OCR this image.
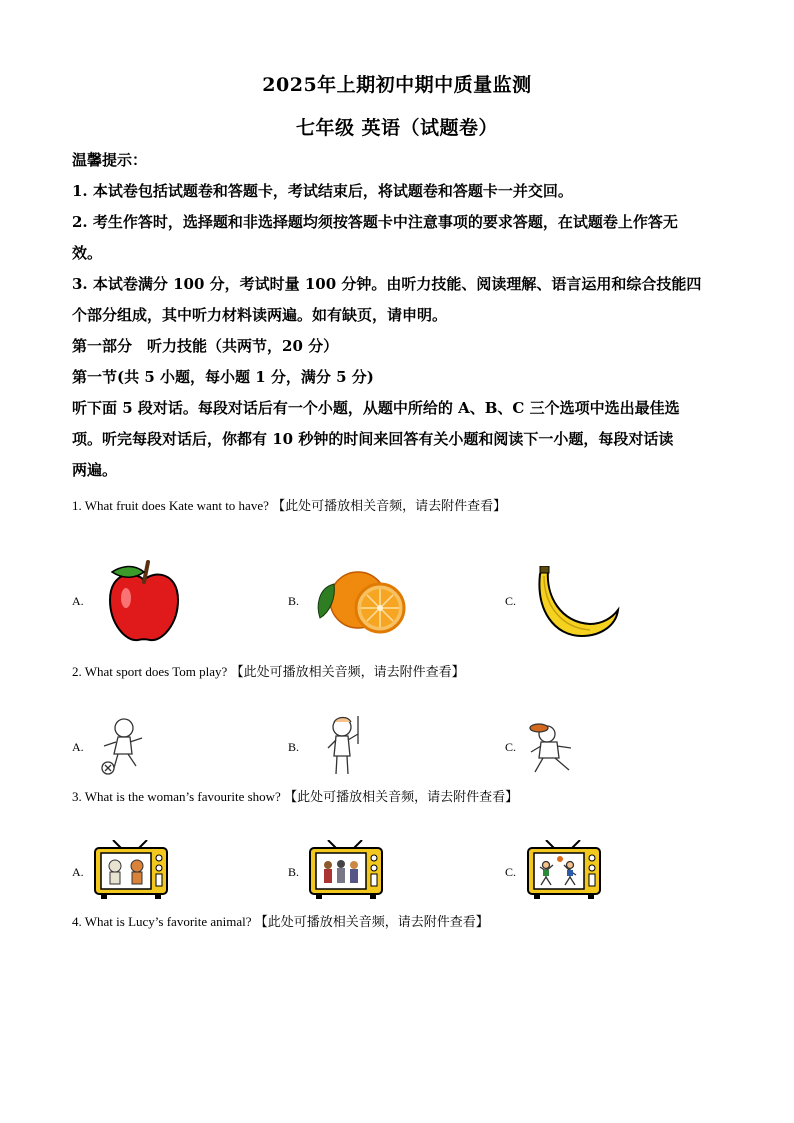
2025年上期初中期中质量监测
七年级 英语（试题卷）
温馨提示：
1. 本试卷包括试题卷和答题卡，考试结束后，将试题卷和答题卡一并交回。
2. 考生作答时，选择题和非选择题均须按答题卡中注意事项的要求答题，在试题卷上作答无
效。
3. 本试卷满分 100 分，考试时量 100 分钟。由听力技能、阅读理解、语言运用和综合技能四
个部分组成，其中听力材料读两遍。如有缺页，请申明。
第一部分　听力技能（共两节，20 分）
第一节(共 5 小题，每小题 1 分，满分 5 分)
听下面 5 段对话。每段对话后有一个小题，从题中所给的 A、B、C 三个选项中选出最佳选
项。听完每段对话后，你都有 10 秒钟的时间来回答有关小题和阅读下一小题，每段对话读
两遍。
1. What fruit does Kate want to have? 【此处可播放相关音频，请去附件查看】
A.	B.	C.
2. What sport does Tom play? 【此处可播放相关音频，请去附件查看】
A.	B.	C.
3. What is the woman’s favourite show? 【此处可播放相关音频，请去附件查看】
A.	B.	C.
4. What is Lucy’s favorite animal? 【此处可播放相关音频，请去附件查看】
